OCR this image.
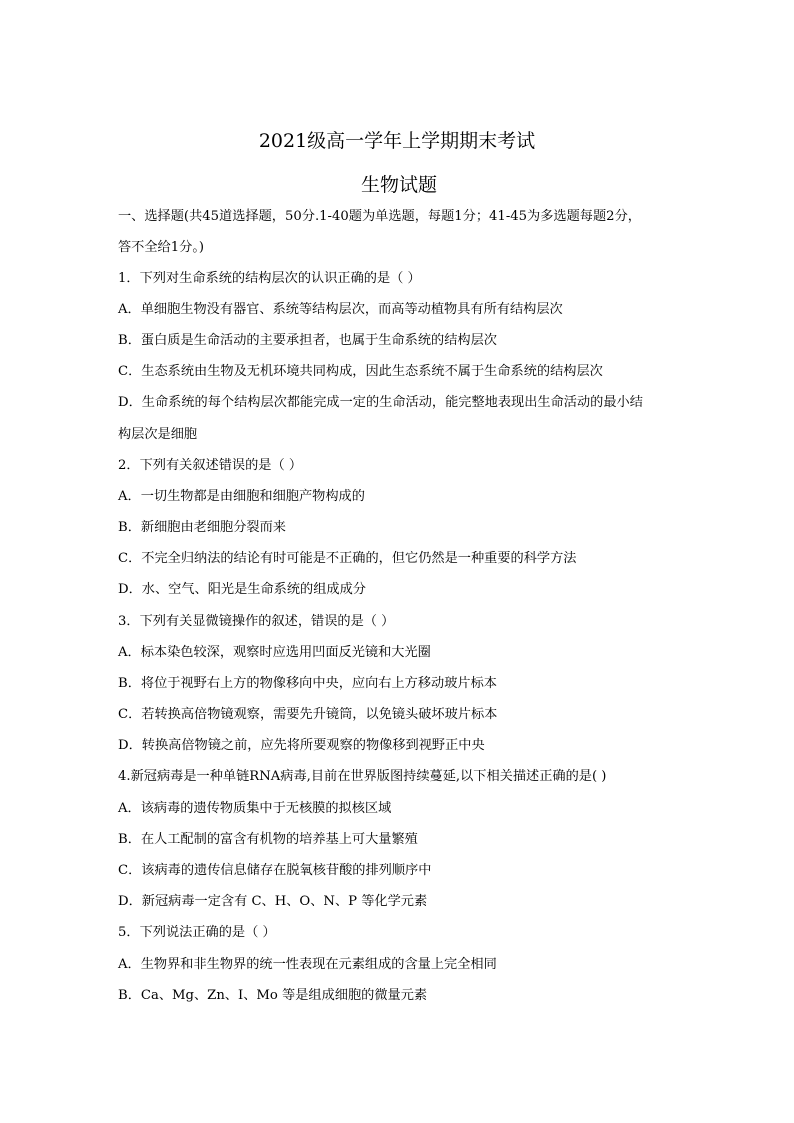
2021级高一学年上学期期末考试
生物试题
一、选择题(共45道选择题，50分.1-40题为单选题，每题1分；41-45为多选题每题2分，
答不全给1分。)
1．下列对生命系统的结构层次的认识正确的是（ ）
A．单细胞生物没有器官、系统等结构层次，而高等动植物具有所有结构层次
B．蛋白质是生命活动的主要承担者，也属于生命系统的结构层次
C．生态系统由生物及无机环境共同构成，因此生态系统不属于生命系统的结构层次
D．生命系统的每个结构层次都能完成一定的生命活动，能完整地表现出生命活动的最小结
构层次是细胞
2．下列有关叙述错误的是（ ）
A．一切生物都是由细胞和细胞产物构成的
B．新细胞由老细胞分裂而来
C．不完全归纳法的结论有时可能是不正确的，但它仍然是一种重要的科学方法
D．水、空气、阳光是生命系统的组成成分
3．下列有关显微镜操作的叙述，错误的是（ ）
A．标本染色较深，观察时应选用凹面反光镜和大光圈
B．将位于视野右上方的物像移向中央，应向右上方移动玻片标本
C．若转换高倍物镜观察，需要先升镜筒，以免镜头破坏玻片标本
D．转换高倍物镜之前，应先将所要观察的物像移到视野正中央
4.新冠病毒是一种单链RNA病毒,目前在世界版图持续蔓延,以下相关描述正确的是( )
A．该病毒的遗传物质集中于无核膜的拟核区域
B．在人工配制的富含有机物的培养基上可大量繁殖
C．该病毒的遗传信息储存在脱氧核苷酸的排列顺序中
D．新冠病毒一定含有 C、H、O、N、P 等化学元素
5．下列说法正确的是（ ）
A．生物界和非生物界的统一性表现在元素组成的含量上完全相同
B．Ca、Mg、Zn、I、Mo 等是组成细胞的微量元素
